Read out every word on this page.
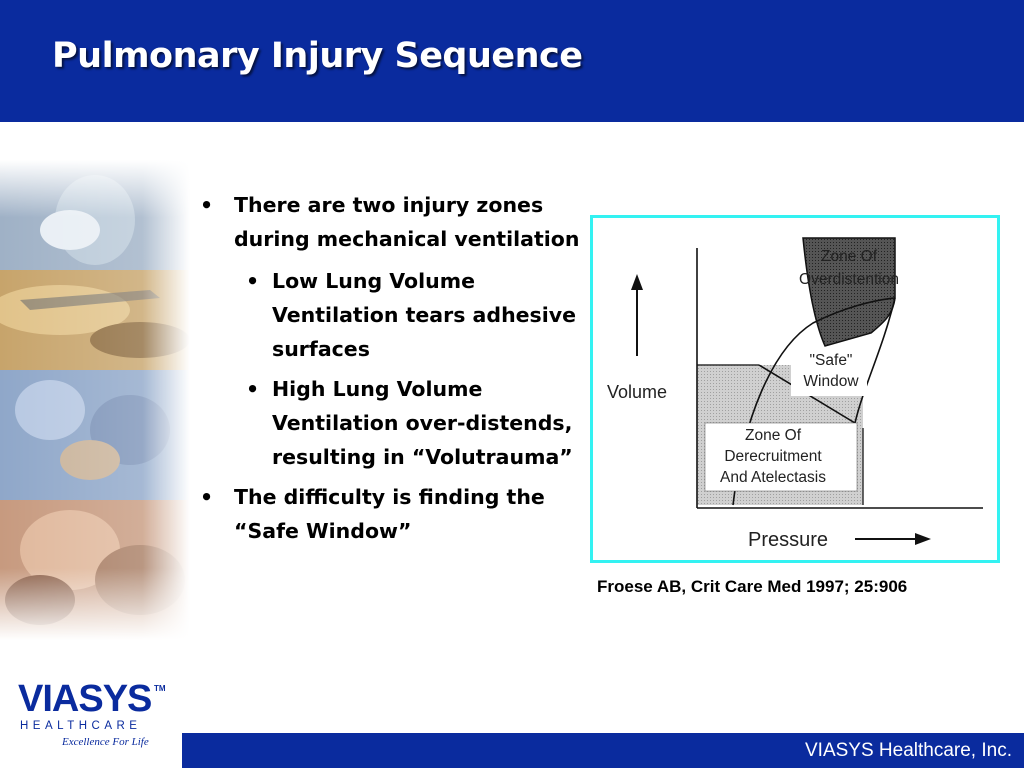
Pulmonary Injury Sequence
• There are two injury zones during mechanical ventilation
• Low Lung Volume Ventilation tears adhesive surfaces
• High Lung Volume Ventilation over-distends, resulting in “Volutrauma”
• The difficulty is finding the “Safe Window”
Zone Of
Overdistention
"Safe"
Window
Zone Of
Derecruitment
And Atelectasis
Volume
Pressure
Froese AB, Crit Care Med 1997; 25:906
VIASYS TM
HEALTHCARE
Excellence For Life	VIASYS Healthcare, Inc.
